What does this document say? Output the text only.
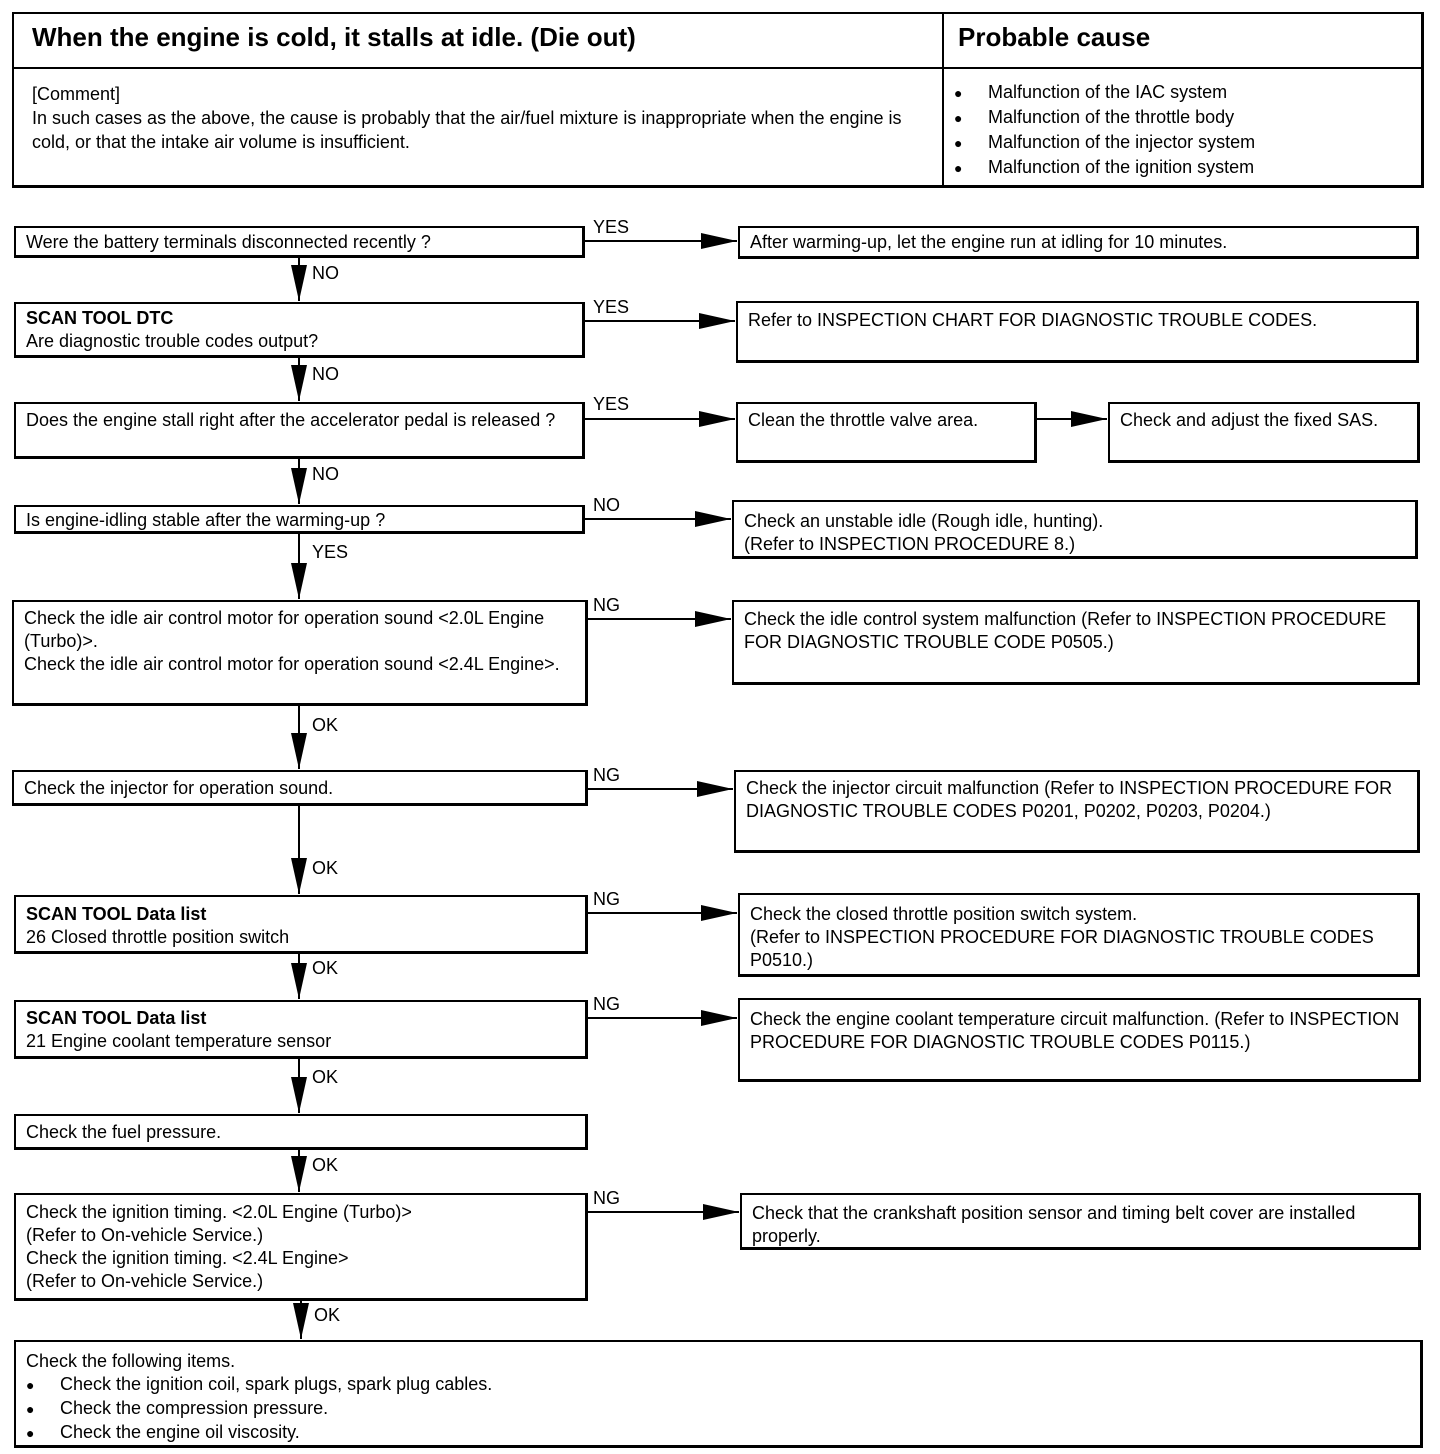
When the engine is cold, it stalls at idle. (Die out)	Probable cause
[Comment]
In such cases as the above, the cause is probably that the air/fuel mixture is inappropriate when the engine is cold, or that the intake air volume is insufficient.
● Malfunction of the IAC system
● Malfunction of the throttle body
● Malfunction of the injector system
● Malfunction of the ignition system
Were the battery terminals disconnected recently ?
SCAN TOOL DTC
Are diagnostic trouble codes output?
Does the engine stall right after the accelerator pedal is released ?
Is engine-idling stable after the warming-up ?
Check the idle air control motor for operation sound <2.0L Engine (Turbo)>.
Check the idle air control motor for operation sound <2.4L Engine>.
Check the injector for operation sound.
SCAN TOOL Data list
26 Closed throttle position switch
SCAN TOOL Data list
21 Engine coolant temperature sensor
Check the fuel pressure.
Check the ignition timing. <2.0L Engine (Turbo)>
(Refer to On-vehicle Service.)
Check the ignition timing. <2.4L Engine>
(Refer to On-vehicle Service.)
Check the following items.
● Check the ignition coil, spark plugs, spark plug cables.
● Check the compression pressure.
● Check the engine oil viscosity.
After warming-up, let the engine run at idling for 10 minutes.
Refer to INSPECTION CHART FOR DIAGNOSTIC TROUBLE CODES.
Clean the throttle valve area.	Check and adjust the fixed SAS.
Check an unstable idle (Rough idle, hunting).
(Refer to INSPECTION PROCEDURE 8.)
Check the idle control system malfunction (Refer to INSPECTION PROCEDURE FOR DIAGNOSTIC TROUBLE CODE P0505.)
Check the injector circuit malfunction (Refer to INSPECTION PROCEDURE FOR DIAGNOSTIC TROUBLE CODES P0201, P0202, P0203, P0204.)
Check the closed throttle position switch system.
(Refer to INSPECTION PROCEDURE FOR DIAGNOSTIC TROUBLE CODES P0510.)
Check the engine coolant temperature circuit malfunction. (Refer to INSPECTION PROCEDURE FOR DIAGNOSTIC TROUBLE CODES P0115.)
Check that the crankshaft position sensor and timing belt cover are installed properly.
YES
YES
YES
NO
NG
NG
NG
NG
NG
NO
NO
NO
YES
OK
OK
OK
OK
OK
OK
